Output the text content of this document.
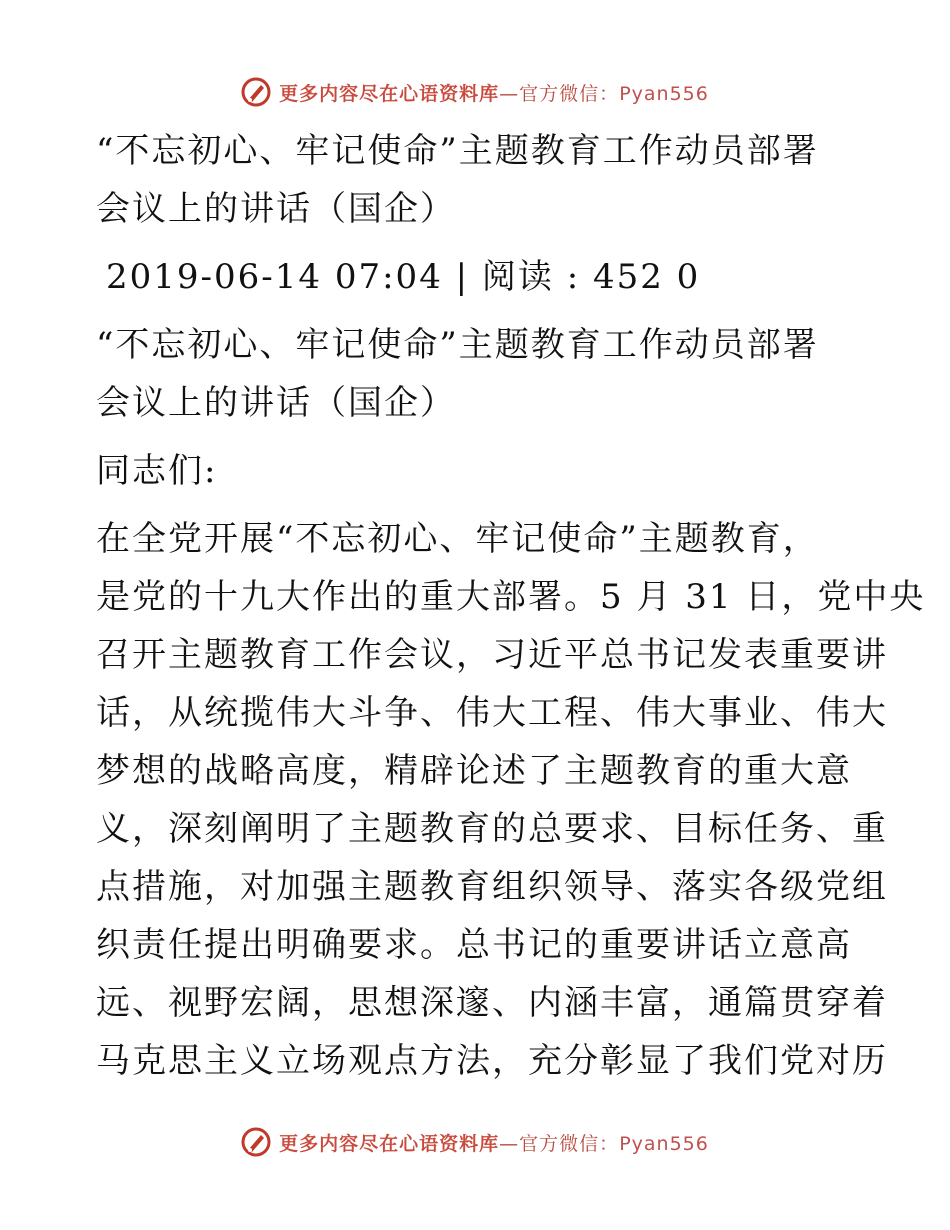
更多内容尽在心语资料库—官方微信：Pyan556
“不忘初心、牢记使命”主题教育工作动员部署
会议上的讲话（国企）
2019-06-14 07:04 | 阅读 : 452 0
“不忘初心、牢记使命”主题教育工作动员部署
会议上的讲话（国企）
同志们:
在全党开展“不忘初心、牢记使命”主题教育，
是党的十九大作出的重大部署。5 月 31 日，党中央
召开主题教育工作会议，习近平总书记发表重要讲
话，从统揽伟大斗争、伟大工程、伟大事业、伟大
梦想的战略高度，精辟论述了主题教育的重大意
义，深刻阐明了主题教育的总要求、目标任务、重
点措施，对加强主题教育组织领导、落实各级党组
织责任提出明确要求。总书记的重要讲话立意高
远、视野宏阔，思想深邃、内涵丰富，通篇贯穿着
马克思主义立场观点方法，充分彰显了我们党对历
更多内容尽在心语资料库—官方微信：Pyan556
